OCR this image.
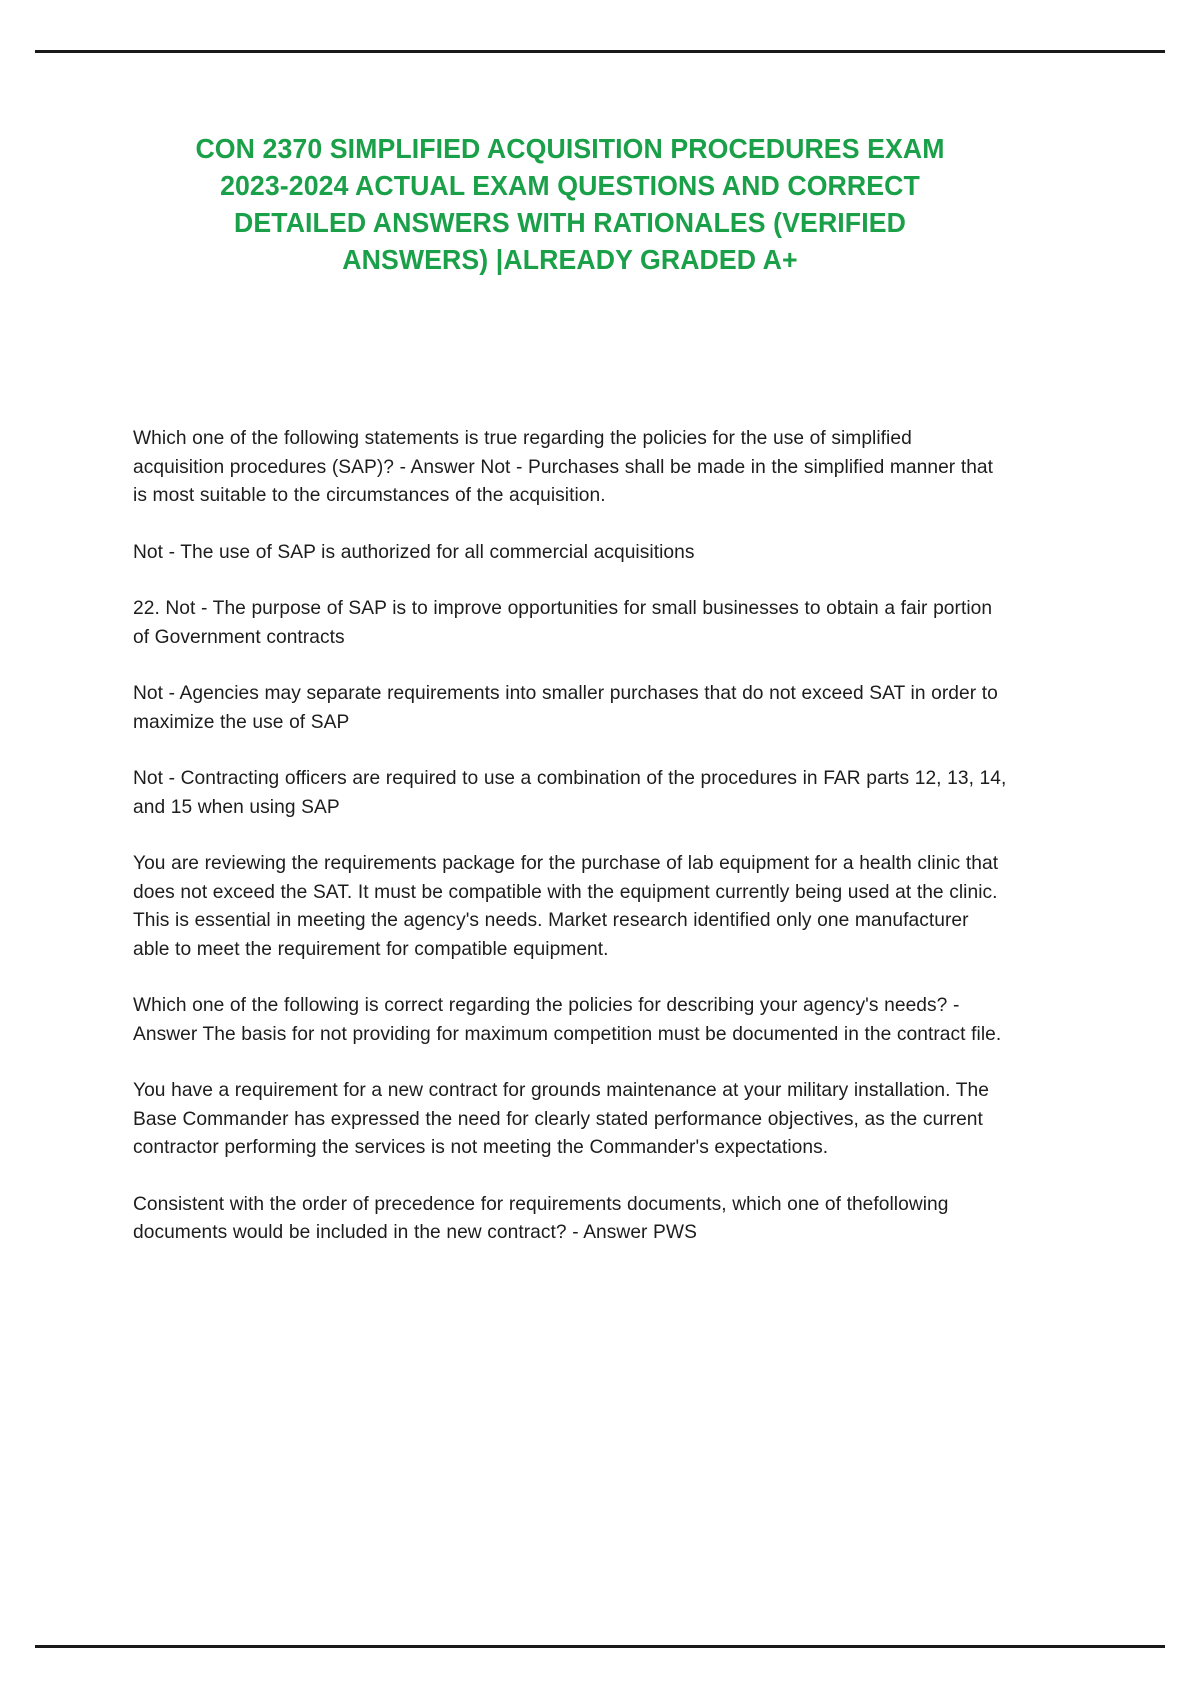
CON 2370 SIMPLIFIED ACQUISITION PROCEDURES EXAM
2023-2024 ACTUAL EXAM QUESTIONS AND CORRECT
DETAILED ANSWERS WITH RATIONALES (VERIFIED
ANSWERS) |ALREADY GRADED A+

Which one of the following statements is true regarding the policies for the use of simplified acquisition procedures (SAP)? - Answer Not - Purchases shall be made in the simplified manner that is most suitable to the circumstances of the acquisition.

Not - The use of SAP is authorized for all commercial acquisitions

22. Not - The purpose of SAP is to improve opportunities for small businesses to obtain a fair portion of Government contracts

Not - Agencies may separate requirements into smaller purchases that do not exceed SAT in order to maximize the use of SAP

Not - Contracting officers are required to use a combination of the procedures in FAR parts 12, 13, 14, and 15 when using SAP

You are reviewing the requirements package for the purchase of lab equipment for a health clinic that does not exceed the SAT. It must be compatible with the equipment currently being used at the clinic. This is essential in meeting the agency's needs. Market research identified only one manufacturer able to meet the requirement for compatible equipment.

Which one of the following is correct regarding the policies for describing your agency's needs? - Answer The basis for not providing for maximum competition must be documented in the contract file.

You have a requirement for a new contract for grounds maintenance at your military installation. The Base Commander has expressed the need for clearly stated performance objectives, as the current contractor performing the services is not meeting the Commander's expectations.

Consistent with the order of precedence for requirements documents, which one of thefollowing documents would be included in the new contract? - Answer PWS
